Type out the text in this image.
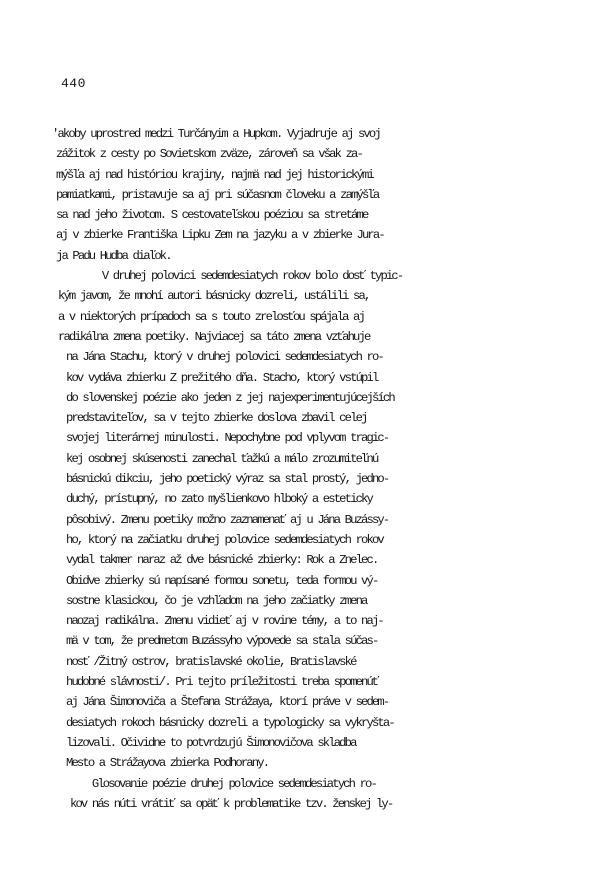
440
'akoby uprostred medzi Turčányim a Hupkom. Vyjadruje aj svoj
zážitok z cesty po Sovietskom zväze, zároveň sa však za-
mýšľa aj nad históriou krajiny, najmä nad jej historickými
pamiatkami, pristavuje sa aj pri súčasnom človeku a zamýšľa
sa nad jeho životom. S cestovateľskou poéziou sa stretáme
aj v zbierke Františka Lipku Zem na jazyku a v zbierke Jura-
ja Padu Hudba diaľok.
V druhej polovici sedemdesiatych rokov bolo dosť typic-
kým javom, že mnohí autori básnicky dozreli, ustálili sa,
a v niektorých prípadoch sa s touto zrelosťou spájala aj
radikálna zmena poetiky. Najviacej sa táto zmena vzťahuje
na Jána Stachu, ktorý v druhej polovici sedemdesiatych ro-
kov vydáva zbierku Z prežitého dňa. Stacho, ktorý vstúpil
do slovenskej poézie ako jeden z jej najexperimentujúcejších
predstaviteľov, sa v tejto zbierke doslova zbavil celej
svojej literárnej minulosti. Nepochybne pod vplyvom tragic-
kej osobnej skúsenosti zanechal ťažkú a málo zrozumiteľnú
básnickú dikciu, jeho poetický výraz sa stal prostý, jedno-
duchý, prístupný, no zato myšlienkovo hlboký a esteticky
pôsobivý. Zmenu poetiky možno zaznamenať aj u Jána Buzássy-
ho, ktorý na začiatku druhej polovice sedemdesiatych rokov
vydal takmer naraz až dve básnické zbierky: Rok a Znelec.
Obidve zbierky sú napísané formou sonetu, teda formou vý-
sostne klasickou, čo je vzhľadom na jeho začiatky zmena
naozaj radikálna. Zmenu vidieť aj v rovine témy, a to naj-
mä v tom, že predmetom Buzássyho výpovede sa stala súčas-
nosť /Žitný ostrov, bratislavské okolie, Bratislavské
hudobné slávnosti/. Pri tejto príležitosti treba spomenúť
aj Jána Šimonoviča a Štefana Strážaya, ktorí práve v sedem-
desiatych rokoch básnicky dozreli a typologicky sa vykryšta-
lizovali. Očividne to potvrdzujú Šimonovičova skladba
Mesto a Strážayova zbierka Podhorany.
Glosovanie poézie druhej polovice sedemdesiatych ro-
kov nás núti vrátiť sa opäť k problematike tzv. ženskej ly-
